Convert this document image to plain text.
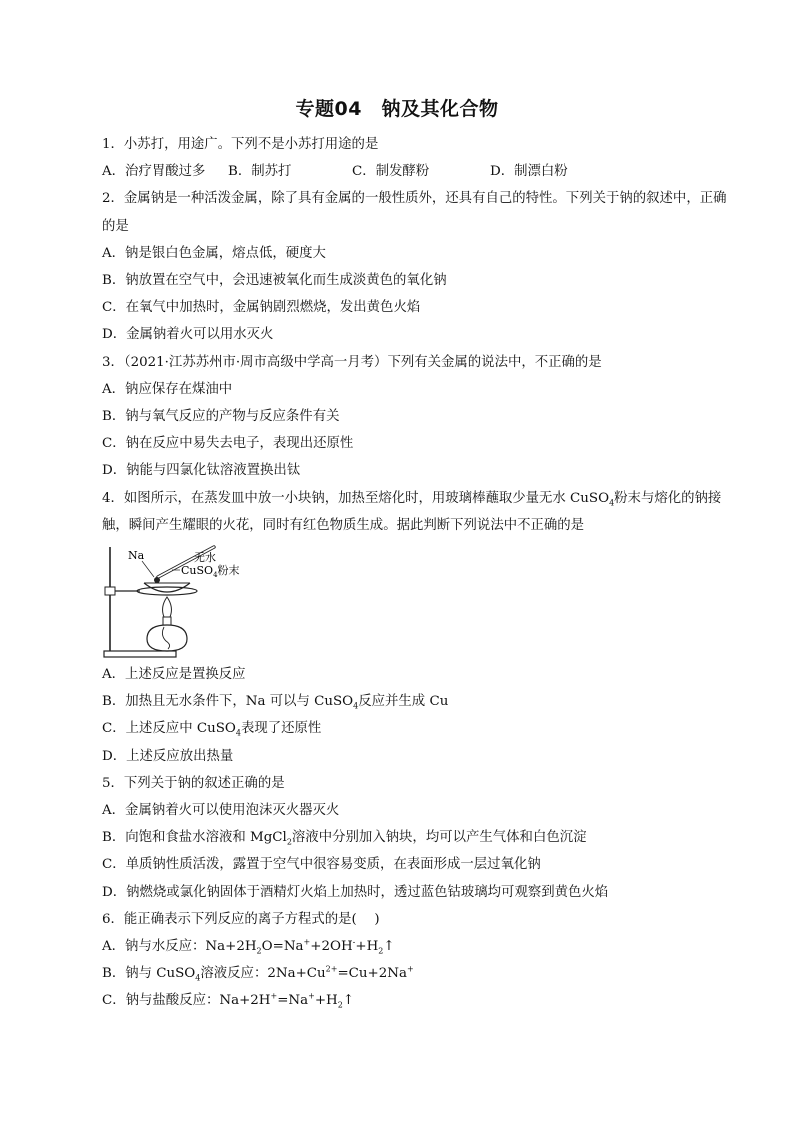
专题04　钠及其化合物
1．小苏打，用途广。下列不是小苏打用途的是
A．治疗胃酸过多	B．制苏打	C．制发酵粉	D．制漂白粉
2．金属钠是一种活泼金属，除了具有金属的一般性质外，还具有自己的特性。下列关于钠的叙述中，正确的是
A．钠是银白色金属，熔点低，硬度大
B．钠放置在空气中，会迅速被氧化而生成淡黄色的氧化钠
C．在氧气中加热时，金属钠剧烈燃烧，发出黄色火焰
D．金属钠着火可以用水灭火
3．（2021·江苏苏州市·周市高级中学高一月考）下列有关金属的说法中，不正确的是
A．钠应保存在煤油中
B．钠与氧气反应的产物与反应条件有关
C．钠在反应中易失去电子，表现出还原性
D．钠能与四氯化钛溶液置换出钛
4．如图所示，在蒸发皿中放一小块钠，加热至熔化时，用玻璃棒蘸取少量无水 CuSO$_4$粉末与熔化的钠接触，瞬间产生耀眼的火花，同时有红色物质生成。据此判断下列说法中不正确的是
Na	无水
CuSO$_4$粉末
A．上述反应是置换反应
B．加热且无水条件下，Na 可以与 CuSO$_4$反应并生成 Cu
C．上述反应中 CuSO$_4$表现了还原性
D．上述反应放出热量
5．下列关于钠的叙述正确的是
A．金属钠着火可以使用泡沫灭火器灭火
B．向饱和食盐水溶液和 MgCl$_2$溶液中分别加入钠块，均可以产生气体和白色沉淀
C．单质钠性质活泼，露置于空气中很容易变质，在表面形成一层过氧化钠
D．钠燃烧或氯化钠固体于酒精灯火焰上加热时，透过蓝色钴玻璃均可观察到黄色火焰
6．能正确表示下列反应的离子方程式的是(　 )
A．钠与水反应：$Na+2H_2O=Na^++2OH^-+H_2↑$
B．钠与 CuSO$_4$溶液反应：$2Na+Cu^{2+}=Cu+2Na^+$
C．钠与盐酸反应：$Na+2H^+=Na^++H_2↑$
